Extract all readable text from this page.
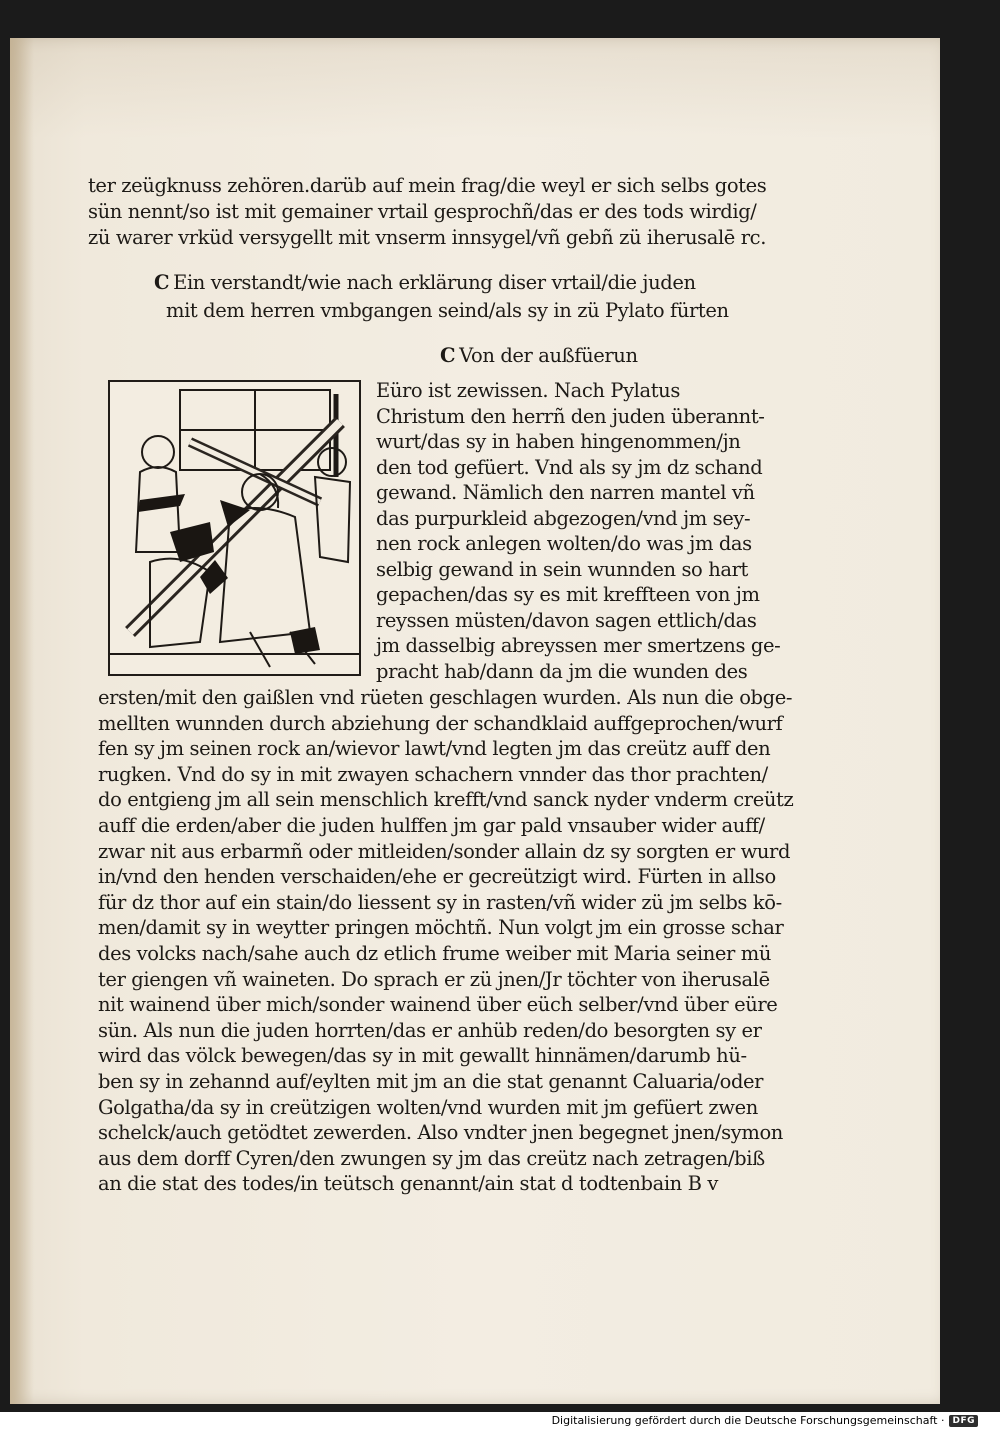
ter zeügknuss zehören.darüb auf mein frag/die weyl er sich selbs gotes
sün nennt/so ist mit gemainer vrtail gesprochñ/das er des tods wirdig/
zü warer vrküd versygellt mit vnserm innsygel/vñ gebñ zü iherusalē rc.
C Ein verstandt/wie nach erklärung diser vrtail/die juden
mit dem herren vmbgangen seind/als sy in zü Pylato fürten
C Von der außfüerun
Eüro ist zewissen. Nach Pylatus
Christum den herrñ den juden überannt-
wurt/das sy in haben hingenommen/jn
den tod gefüert. Vnd als sy jm dz schand
gewand. Nämlich den narren mantel vñ
das purpurkleid abgezogen/vnd jm sey-
nen rock anlegen wolten/do was jm das
selbig gewand in sein wunnden so hart
gepachen/das sy es mit kreffteen von jm
reyssen müsten/davon sagen ettlich/das
jm dasselbig abreyssen mer smertzens ge-
pracht hab/dann da jm die wunden des
ersten/mit den gaißlen vnd rüeten geschlagen wurden. Als nun die obge-
mellten wunnden durch abziehung der schandklaid auffgeprochen/wurf
fen sy jm seinen rock an/wievor lawt/vnd legten jm das creütz auff den
rugken. Vnd do sy in mit zwayen schachern vnnder das thor prachten/
do entgieng jm all sein menschlich krefft/vnd sanck nyder vnderm creütz
auff die erden/aber die juden hulffen jm gar pald vnsauber wider auff/
zwar nit aus erbarmñ oder mitleiden/sonder allain dz sy sorgten er wurd
in/vnd den henden verschaiden/ehe er gecreützigt wird. Fürten in allso
für dz thor auf ein stain/do liessent sy in rasten/vñ wider zü jm selbs kō-
men/damit sy in weytter pringen möchtñ. Nun volgt jm ein grosse schar
des volcks nach/sahe auch dz etlich frume weiber mit Maria seiner mü
ter giengen vñ waineten. Do sprach er zü jnen/Jr töchter von iherusalē
nit wainend über mich/sonder wainend über eüch selber/vnd über eüre
sün. Als nun die juden horrten/das er anhüb reden/do besorgten sy er
wird das völck bewegen/das sy in mit gewallt hinnämen/darumb hü-
ben sy in zehannd auf/eylten mit jm an die stat genannt Caluaria/oder
Golgatha/da sy in creützigen wolten/vnd wurden mit jm gefüert zwen
schelck/auch getödtet zewerden. Also vndter jnen begegnet jnen/symon
aus dem dorff Cyren/den zwungen sy jm das creütz nach zetragen/biß
an die stat des todes/in teütsch genannt/ain stat d todtenbain B v
Digitalisierung gefördert durch die Deutsche Forschungsgemeinschaft · DFG
